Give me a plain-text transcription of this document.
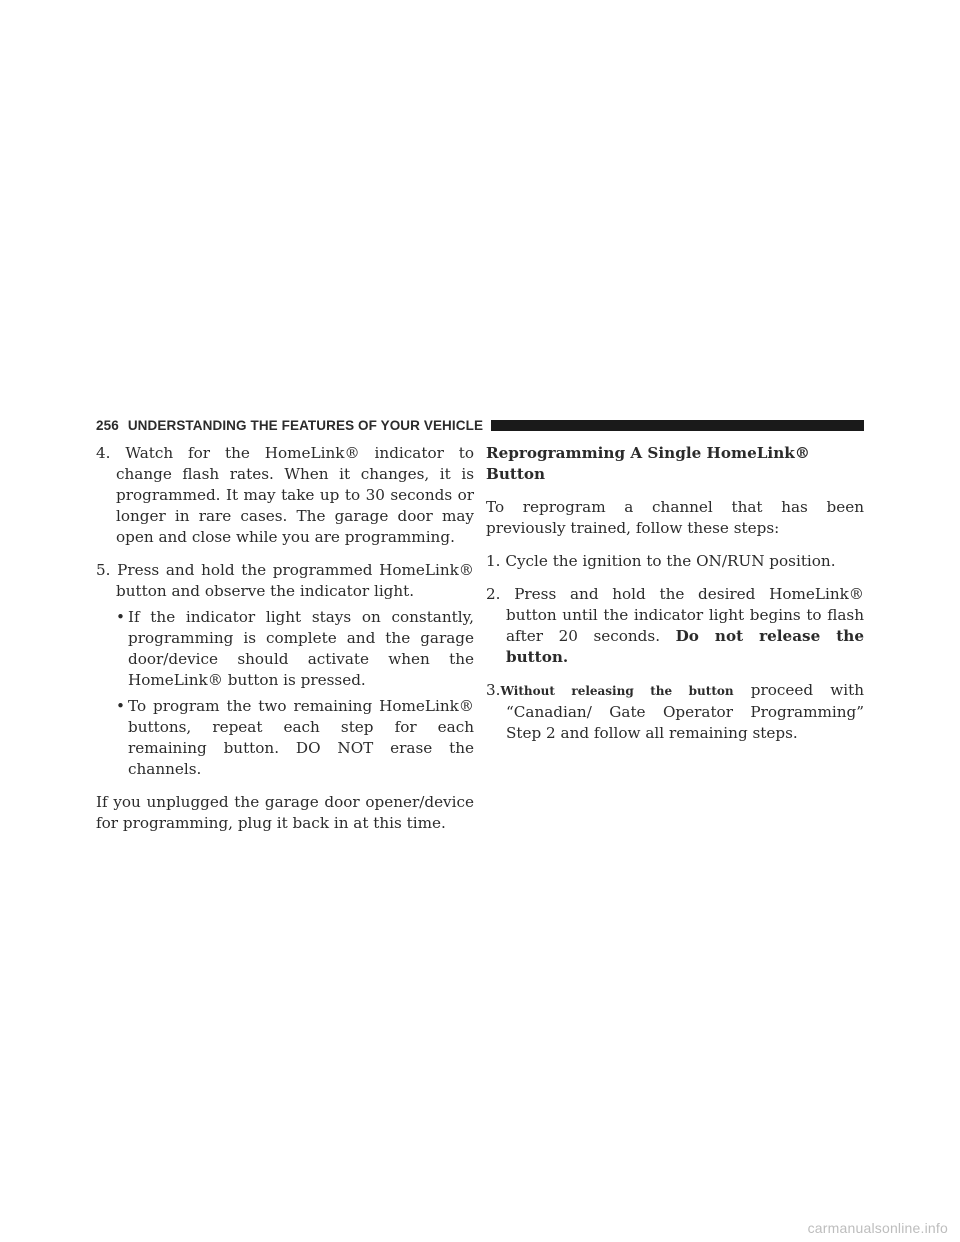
256 UNDERSTANDING THE FEATURES OF YOUR VEHICLE

4. Watch for the HomeLink® indicator to change flash rates. When it changes, it is programmed. It may take up to 30 seconds or longer in rare cases. The garage door may open and close while you are programming.

5. Press and hold the programmed HomeLink® button and observe the indicator light.

• If the indicator light stays on constantly, programming is complete and the garage door/device should activate when the HomeLink® button is pressed.

• To program the two remaining HomeLink® buttons, repeat each step for each remaining button. DO NOT erase the channels.

If you unplugged the garage door opener/device for programming, plug it back in at this time.

Reprogramming A Single HomeLink® Button

To reprogram a channel that has been previously trained, follow these steps:

1. Cycle the ignition to the ON/RUN position.

2. Press and hold the desired HomeLink® button until the indicator light begins to flash after 20 seconds. Do not release the button.

3.Without releasing the button proceed with “Canadian/ Gate Operator Programming” Step 2 and follow all remaining steps.

carmanualsonline.info
